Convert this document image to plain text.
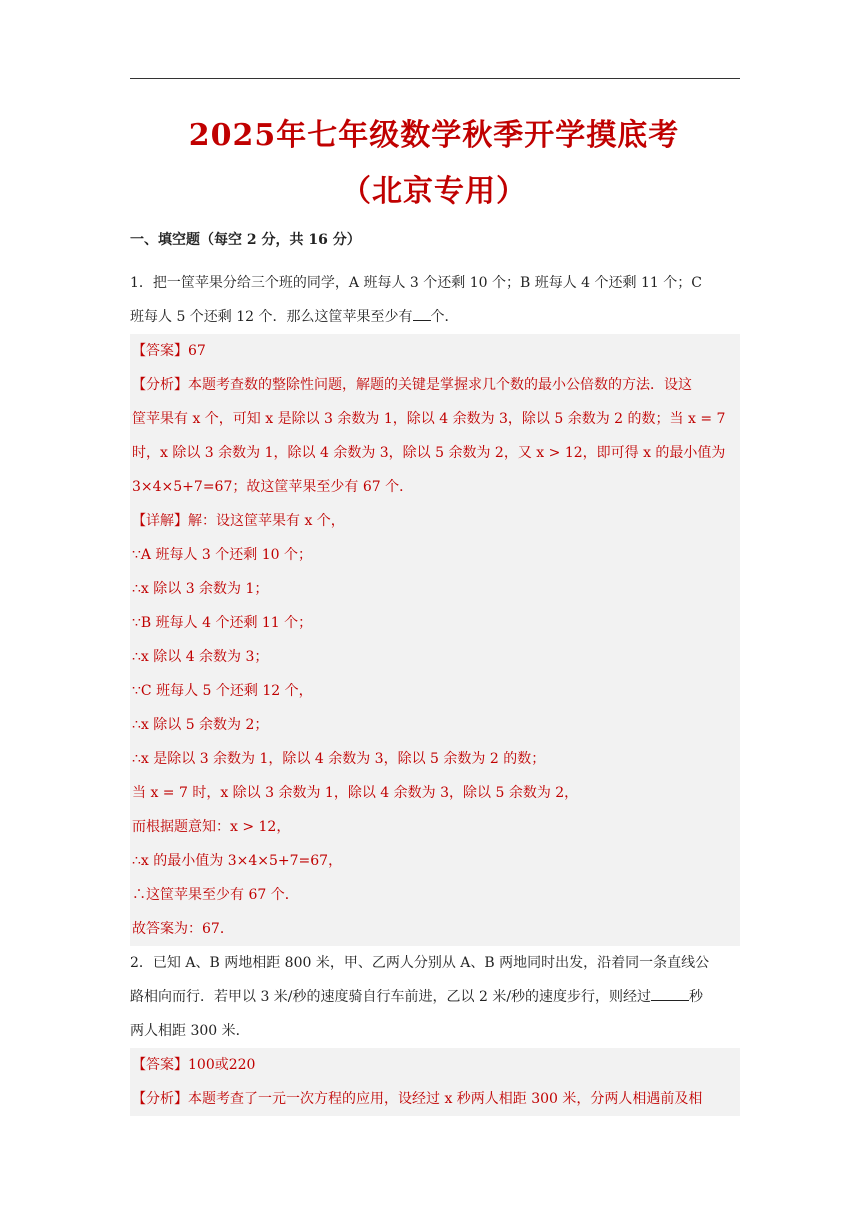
2025年七年级数学秋季开学摸底考
（北京专用）
一、填空题（每空 2 分，共 16 分）
1．把一筐苹果分给三个班的同学，A 班每人 3 个还剩 10 个；B 班每人 4 个还剩 11 个；C
班每人 5 个还剩 12 个．那么这筐苹果至少有 个．
【答案】67
【分析】本题考查数的整除性问题，解题的关键是掌握求几个数的最小公倍数的方法．设这
筐苹果有 x 个，可知 x 是除以 3 余数为 1，除以 4 余数为 3，除以 5 余数为 2 的数；当 x = 7
时，x 除以 3 余数为 1，除以 4 余数为 3，除以 5 余数为 2，又 x > 12，即可得 x 的最小值为
3×4×5+7=67；故这筐苹果至少有 67 个．
【详解】解：设这筐苹果有 x 个，
∵A 班每人 3 个还剩 10 个；
∴x 除以 3 余数为 1；
∵B 班每人 4 个还剩 11 个；
∴x 除以 4 余数为 3；
∵C 班每人 5 个还剩 12 个，
∴x 除以 5 余数为 2；
∴x 是除以 3 余数为 1，除以 4 余数为 3，除以 5 余数为 2 的数；
当 x = 7 时，x 除以 3 余数为 1，除以 4 余数为 3，除以 5 余数为 2，
而根据题意知：x > 12，
∴x 的最小值为 3×4×5+7=67，
∴这筐苹果至少有 67 个．
故答案为：67．
2．已知 A、B 两地相距 800 米，甲、乙两人分别从 A、B 两地同时出发，沿着同一条直线公
路相向而行．若甲以 3 米/秒的速度骑自行车前进，乙以 2 米/秒的速度步行，则经过	秒
两人相距 300 米．
【答案】100或220
【分析】本题考查了一元一次方程的应用，设经过 x 秒两人相距 300 米，分两人相遇前及相
